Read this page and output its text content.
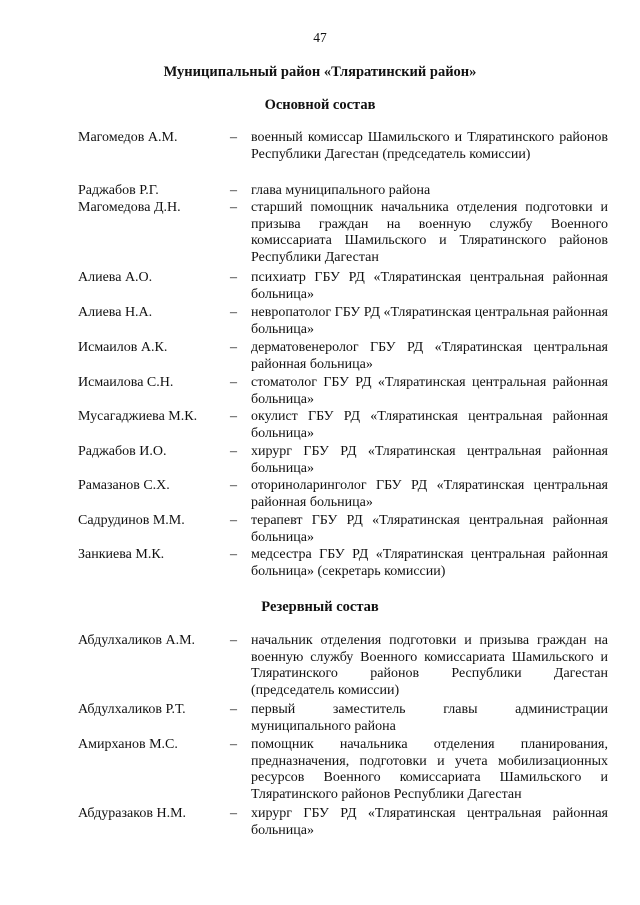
47
Муниципальный район «Тляратинский район»
Основной состав
Магомедов А.М.	– военный комиссар Шамильского и Тляратинского районов Республики Дагестан (председатель комиссии)
Раджабов Р.Г.	– глава муниципального района
Магомедова Д.Н.	– старший помощник начальника отделения подготовки и призыва граждан на военную службу Военного комиссариата Шамильского и Тляратинского районов Республики Дагестан
Алиева А.О.	– психиатр ГБУ РД «Тляратинская центральная районная больница»
Алиева Н.А.	– невропатолог ГБУ РД «Тляратинская центральная районная больница»
Исмаилов А.К.	– дерматовенеролог ГБУ РД «Тляратинская центральная районная больница»
Исмаилова С.Н.	– стоматолог ГБУ РД «Тляратинская центральная районная больница»
Мусагаджиева М.К.	– окулист ГБУ РД «Тляратинская центральная районная больница»
Раджабов И.О.	– хирург ГБУ РД «Тляратинская центральная районная больница»
Рамазанов С.Х.	– оториноларинголог ГБУ РД «Тляратинская центральная районная больница»
Садрудинов М.М.	– терапевт ГБУ РД «Тляратинская центральная районная больница»
Занкиева М.К.	– медсестра ГБУ РД «Тляратинская центральная районная больница» (секретарь комиссии)
Резервный состав
Абдулхаликов А.М.	– начальник отделения подготовки и призыва граждан на военную службу Военного комиссариата Шамильского и Тляратинского районов Республики Дагестан (председатель комиссии)
Абдулхаликов Р.Т.	– первый заместитель главы администрации муниципального района
Амирханов М.С.	– помощник начальника отделения планирования, предназначения, подготовки и учета мобилизационных ресурсов Военного комиссариата Шамильского и Тляратинского районов Республики Дагестан
Абдуразаков Н.М.	– хирург ГБУ РД «Тляратинская центральная районная больница»
